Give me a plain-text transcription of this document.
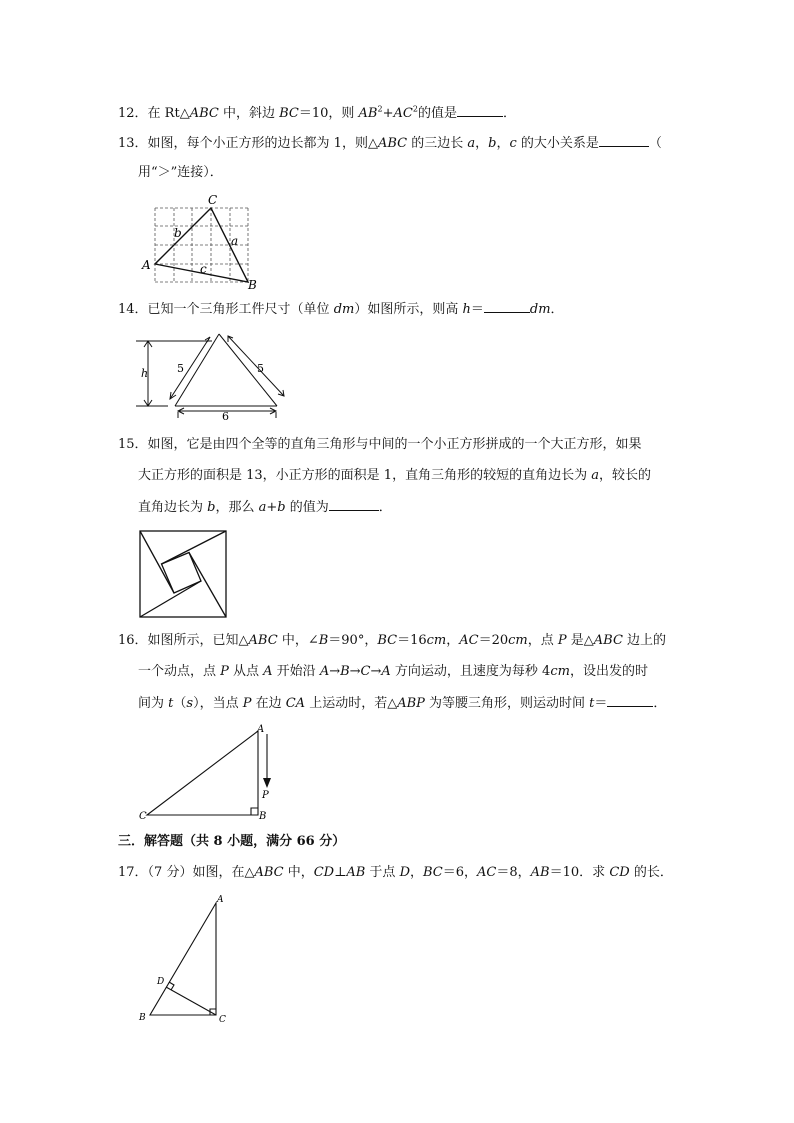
12．在 Rt△ABC 中，斜边 BC＝10，则 $AB^2+AC^2$的值是	．
13．如图，每个小正方形的边长都为 1，则△ABC 的三边长 a，b，c 的大小关系是	（
用“＞”连接）．
C
A
B
b
a
c
14．已知一个三角形工件尺寸（单位 dm）如图所示，则高 h＝	dm．
h	5	5
6
15．如图，它是由四个全等的直角三角形与中间的一个小正方形拼成的一个大正方形，如果
大正方形的面积是 13，小正方形的面积是 1，直角三角形的较短的直角边长为 a，较长的
直角边长为 b，那么 a+b 的值为	．
16．如图所示，已知△ABC 中，∠B＝90°，BC＝16cm，AC＝20cm，点 P 是△ABC 边上的
一个动点，点 P 从点 A 开始沿 A→B→C→A 方向运动，且速度为每秒 4cm，设出发的时
间为 t（s），当点 P 在边 CA 上运动时，若△ABP 为等腰三角形，则运动时间 t＝	．
A
B
C
P
三．解答题（共 8 小题，满分 66 分）
17．（7 分）如图，在△ABC 中，CD⊥AB 于点 D，BC＝6，AC＝8，AB＝10．求 CD 的长．
A
B	C
D
